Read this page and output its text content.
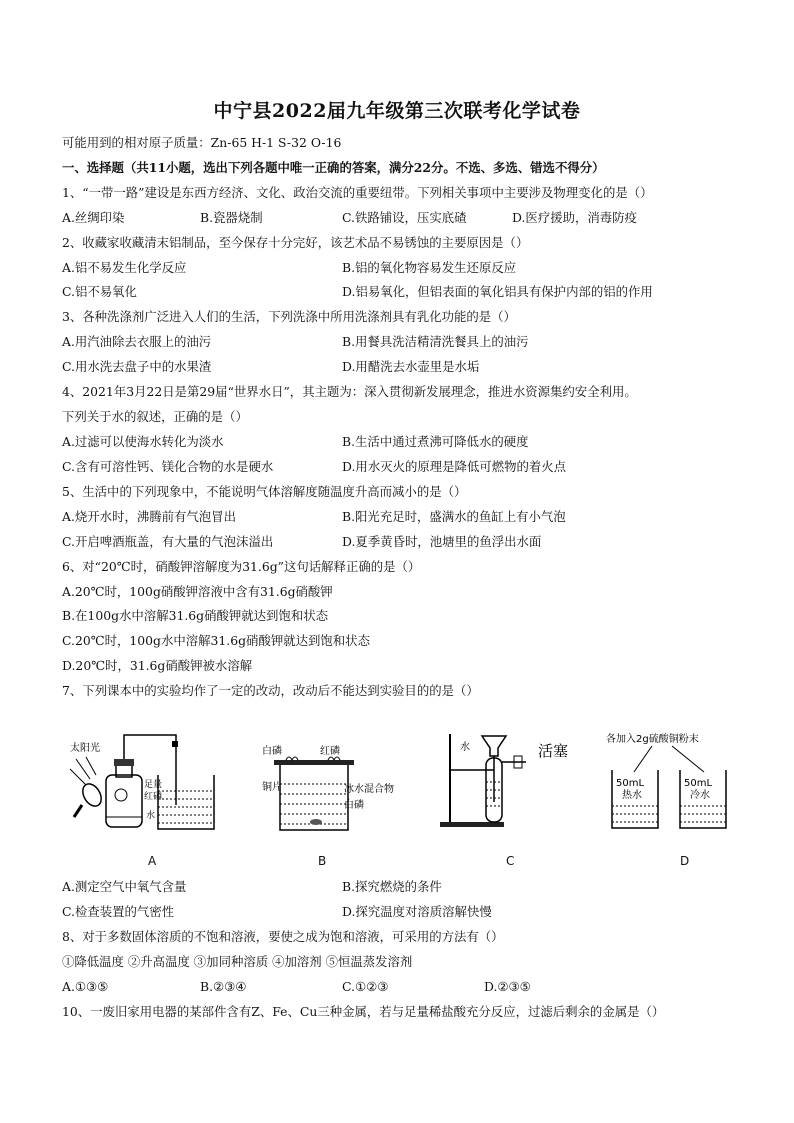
中宁县2022届九年级第三次联考化学试卷
可能用到的相对原子质量：Zn-65 H-1 S-32 O-16
一、选择题（共11小题，选出下列各题中唯一正确的答案，满分22分。不选、多选、错选不得分）
1、“一带一路”建设是东西方经济、文化、政治交流的重要纽带。下列相关事项中主要涉及物理变化的是（）
A.丝绸印染	B.瓷器烧制	C.铁路铺设，压实底碴	D.医疗援助，消毒防疫
2、收藏家收藏清末铝制品，至今保存十分完好，该艺术品不易锈蚀的主要原因是（）
A.铝不易发生化学反应	B.铝的氧化物容易发生还原反应
C.铝不易氧化	D.铝易氧化，但铝表面的氧化铝具有保护内部的铝的作用
3、各种洗涤剂广泛进入人们的生活，下列洗涤中所用洗涤剂具有乳化功能的是（）
A.用汽油除去衣服上的油污	B.用餐具洗洁精清洗餐具上的油污
C.用水洗去盘子中的水果渣	D.用醋洗去水壶里是水垢
4、2021年3月22日是第29届“世界水日”，其主题为：深入贯彻新发展理念，推进水资源集约安全利用。
下列关于水的叙述，正确的是（）
A.过滤可以使海水转化为淡水	B.生活中通过煮沸可降低水的硬度
C.含有可溶性钙、镁化合物的水是硬水	D.用水灭火的原理是降低可燃物的着火点
5、生活中的下列现象中，不能说明气体溶解度随温度升高而减小的是（）
A.烧开水时，沸腾前有气泡冒出	B.阳光充足时，盛满水的鱼缸上有小气泡
C.开启啤酒瓶盖，有大量的气泡沫溢出	D.夏季黄昏时，池塘里的鱼浮出水面
6、对“20℃时，硝酸钾溶解度为31.6g”这句话解释正确的是（）
A.20℃时，100g硝酸钾溶液中含有31.6g硝酸钾
B.在100g水中溶解31.6g硝酸钾就达到饱和状态
C.20℃时，100g水中溶解31.6g硝酸钾就达到饱和状态
D.20℃时，31.6g硝酸钾被水溶解
7、下列课本中的实验均作了一定的改动，改动后不能达到实验目的的是（）
太阳光
足量
红磷
水
白磷	红磷
铜片	冰水混合物
白磷
水	活塞
各加入2g硫酸铜粉末
50mL
热水
50mL
冷水
A	B	C	D
A.测定空气中氧气含量	B.探究燃烧的条件
C.检查装置的气密性	D.探究温度对溶质溶解快慢
8、对于多数固体溶质的不饱和溶液，要使之成为饱和溶液，可采用的方法有（）
①降低温度 ②升高温度 ③加同种溶质 ④加溶剂 ⑤恒温蒸发溶剂
A.①③⑤	B.②③④	C.①②③	D.②③⑤
10、一废旧家用电器的某部件含有Z、Fe、Cu三种金属，若与足量稀盐酸充分反应，过滤后剩余的金属是（）
